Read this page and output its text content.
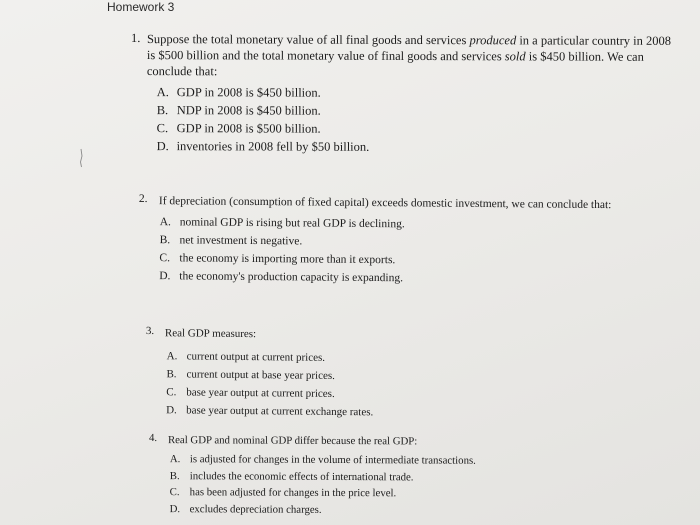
Homework 3
1. Suppose the total monetary value of all final goods and services produced in a particular country in 2008 is $500 billion and the total monetary value of final goods and services sold is $450 billion. We can conclude that:
A. GDP in 2008 is $450 billion.
B. NDP in 2008 is $450 billion.
C. GDP in 2008 is $500 billion.
D. inventories in 2008 fell by $50 billion.
2. If depreciation (consumption of fixed capital) exceeds domestic investment, we can conclude that:
A. nominal GDP is rising but real GDP is declining.
B. net investment is negative.
C. the economy is importing more than it exports.
D. the economy's production capacity is expanding.
3. Real GDP measures:
A. current output at current prices.
B. current output at base year prices.
C. base year output at current prices.
D. base year output at current exchange rates.
4.	Real GDP and nominal GDP differ because the real GDP:
A. is adjusted for changes in the volume of intermediate transactions.
B. includes the economic effects of international trade.
C. has been adjusted for changes in the price level.
D. excludes depreciation charges.
